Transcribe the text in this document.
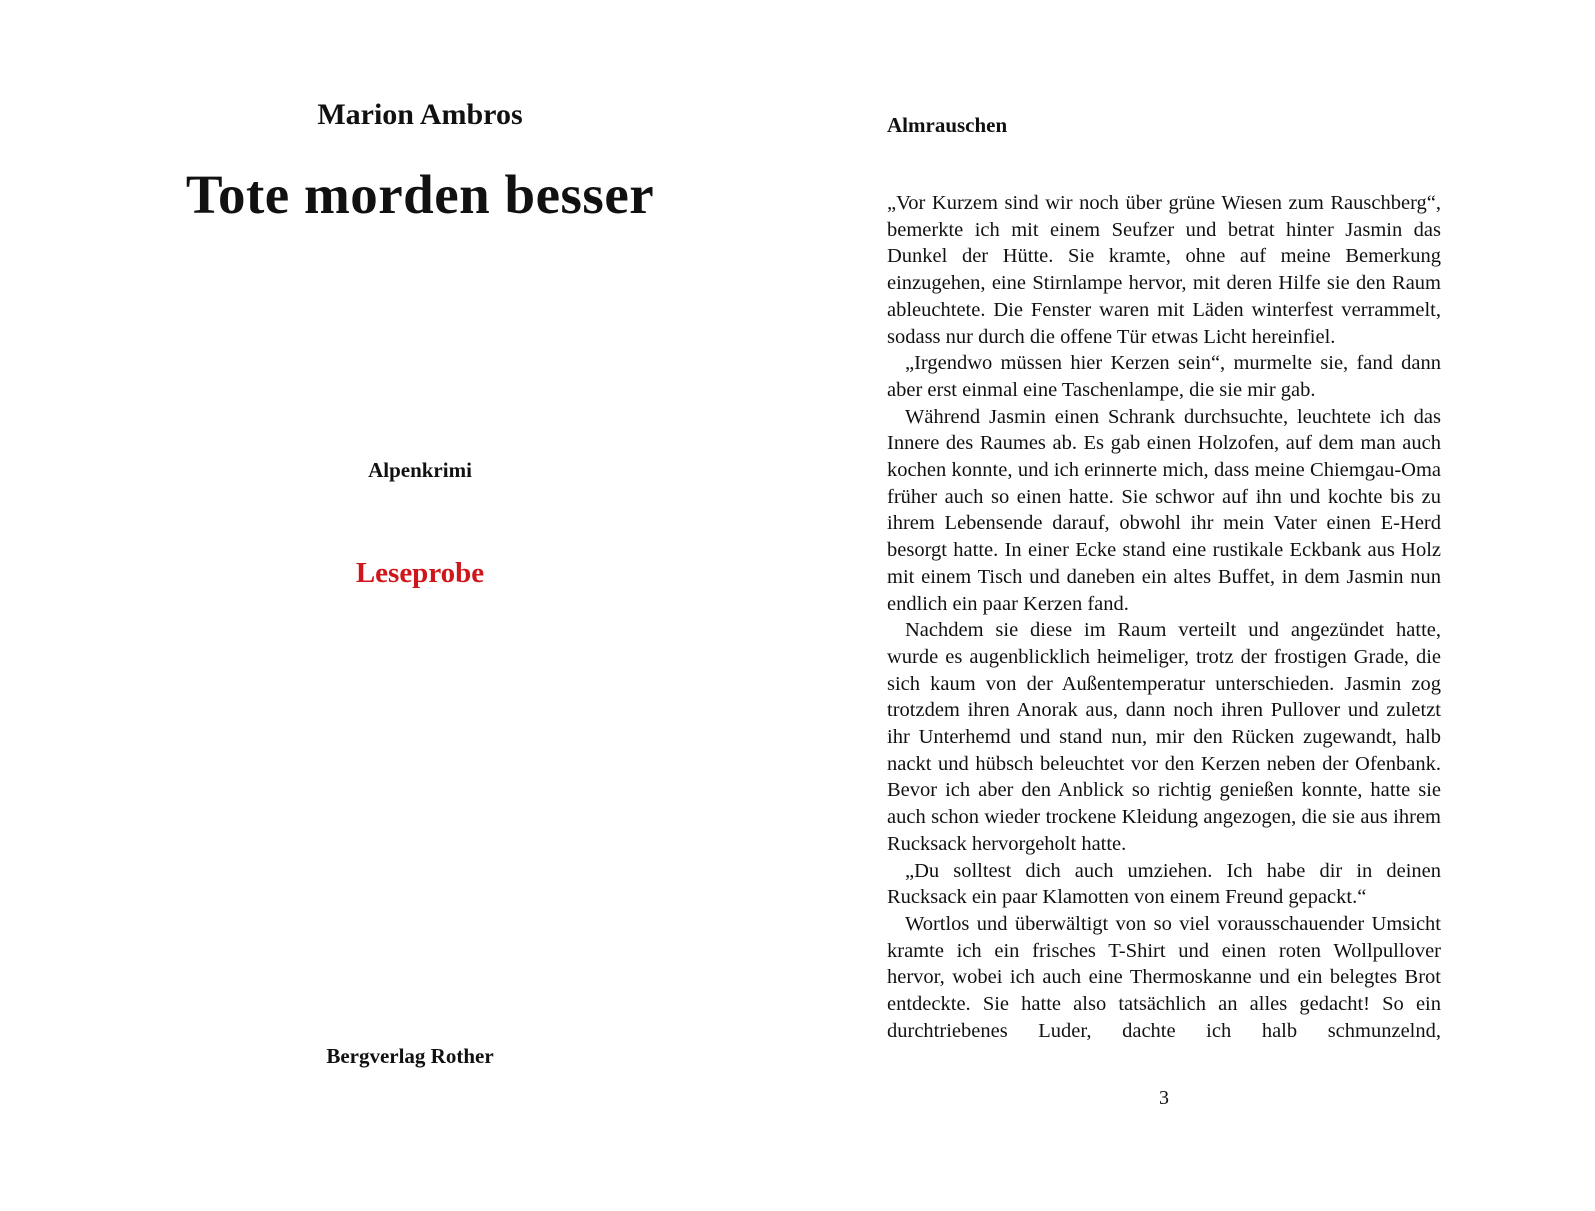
Marion Ambros
Tote morden besser
Alpenkrimi
Leseprobe
Bergverlag Rother
Almrauschen

„Vor Kurzem sind wir noch über grüne Wiesen zum Rauschberg“, bemerkte ich mit einem Seufzer und betrat hinter Jasmin das Dunkel der Hütte. Sie kramte, ohne auf meine Bemerkung einzugehen, eine Stirnlampe hervor, mit deren Hilfe sie den Raum ableuchtete. Die Fenster waren mit Läden winterfest verrammelt, sodass nur durch die offene Tür etwas Licht hereinfiel.

„Irgendwo müssen hier Kerzen sein“, murmelte sie, fand dann aber erst einmal eine Taschenlampe, die sie mir gab.

Während Jasmin einen Schrank durchsuchte, leuchtete ich das Innere des Raumes ab. Es gab einen Holzofen, auf dem man auch kochen konnte, und ich erinnerte mich, dass meine Chiemgau-Oma früher auch so einen hatte. Sie schwor auf ihn und kochte bis zu ihrem Lebensende darauf, obwohl ihr mein Vater einen E-Herd besorgt hatte. In einer Ecke stand eine rustikale Eckbank aus Holz mit einem Tisch und daneben ein altes Buffet, in dem Jasmin nun endlich ein paar Kerzen fand.

Nachdem sie diese im Raum verteilt und angezündet hatte, wurde es augenblicklich heimeliger, trotz der frostigen Grade, die sich kaum von der Außentemperatur unterschieden. Jasmin zog trotzdem ihren Anorak aus, dann noch ihren Pullover und zuletzt ihr Unterhemd und stand nun, mir den Rücken zugewandt, halb nackt und hübsch beleuchtet vor den Kerzen neben der Ofenbank. Bevor ich aber den Anblick so richtig genießen konnte, hatte sie auch schon wieder trockene Kleidung angezogen, die sie aus ihrem Rucksack hervorgeholt hatte.

„Du solltest dich auch umziehen. Ich habe dir in deinen Rucksack ein paar Klamotten von einem Freund gepackt.“

Wortlos und überwältigt von so viel vorausschauender Umsicht kramte ich ein frisches T-Shirt und einen roten Wollpullover hervor, wobei ich auch eine Thermoskanne und ein belegtes Brot entdeckte. Sie hatte also tatsächlich an alles gedacht! So ein durchtriebenes Luder, dachte ich halb schmunzelnd,

3
